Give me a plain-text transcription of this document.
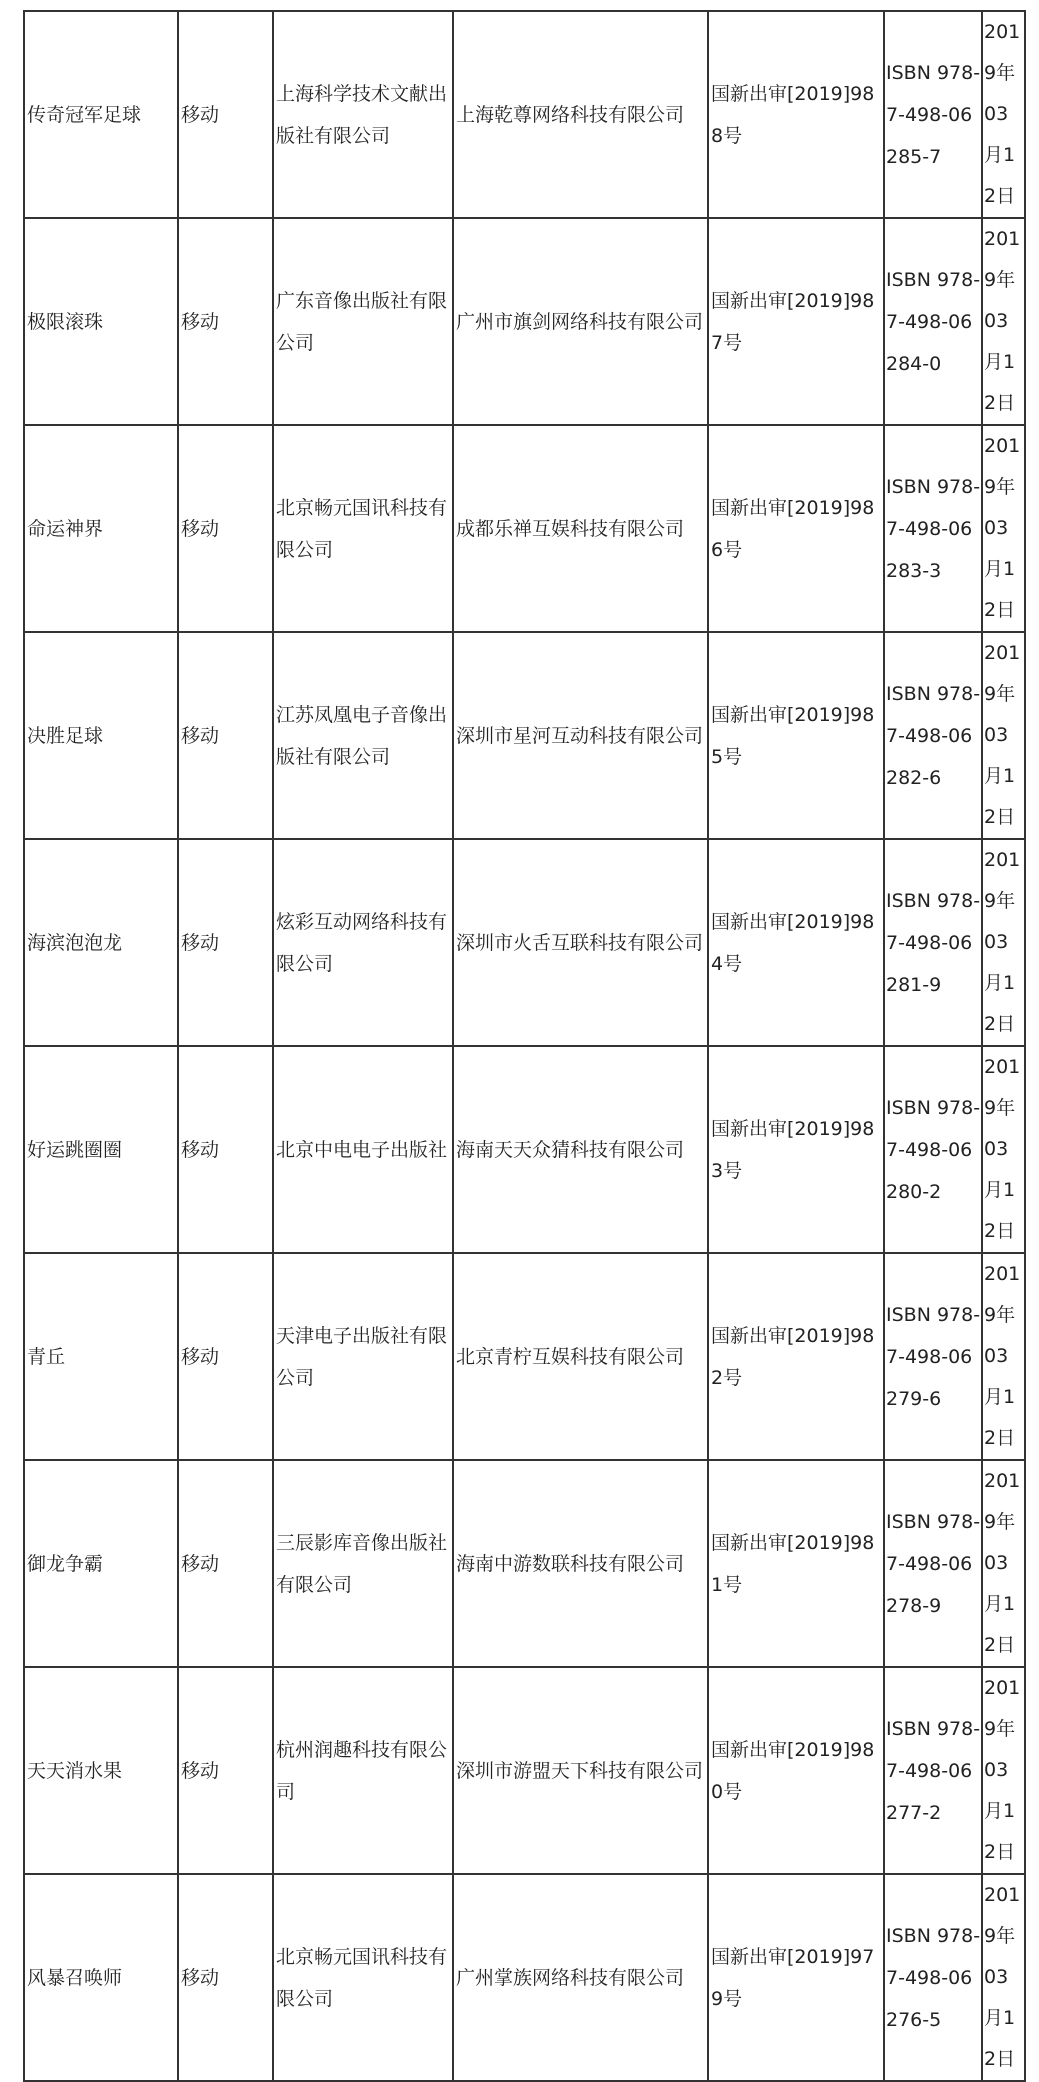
传奇冠军足球	移动	上海科学技术文献出版社有限公司	上海乾尊网络科技有限公司	国新出审[2019]988号	ISBN 978-7-498-06285-7	2019年03月12日
极限滚珠	移动	广东音像出版社有限公司	广州市旗剑网络科技有限公司	国新出审[2019]987号	ISBN 978-7-498-06284-0	2019年03月12日
命运神界	移动	北京畅元国讯科技有限公司	成都乐禅互娱科技有限公司	国新出审[2019]986号	ISBN 978-7-498-06283-3	2019年03月12日
决胜足球	移动	江苏凤凰电子音像出版社有限公司	深圳市星河互动科技有限公司	国新出审[2019]985号	ISBN 978-7-498-06282-6	2019年03月12日
海滨泡泡龙	移动	炫彩互动网络科技有限公司	深圳市火舌互联科技有限公司	国新出审[2019]984号	ISBN 978-7-498-06281-9	2019年03月12日
好运跳圈圈	移动	北京中电电子出版社	海南天天众猜科技有限公司	国新出审[2019]983号	ISBN 978-7-498-06280-2	2019年03月12日
青丘	移动	天津电子出版社有限公司	北京青柠互娱科技有限公司	国新出审[2019]982号	ISBN 978-7-498-06279-6	2019年03月12日
御龙争霸	移动	三辰影库音像出版社有限公司	海南中游数联科技有限公司	国新出审[2019]981号	ISBN 978-7-498-06278-9	2019年03月12日
天天消水果	移动	杭州润趣科技有限公司	深圳市游盟天下科技有限公司	国新出审[2019]980号	ISBN 978-7-498-06277-2	2019年03月12日
风暴召唤师	移动	北京畅元国讯科技有限公司	广州掌族网络科技有限公司	国新出审[2019]979号	ISBN 978-7-498-06276-5	2019年03月12日
